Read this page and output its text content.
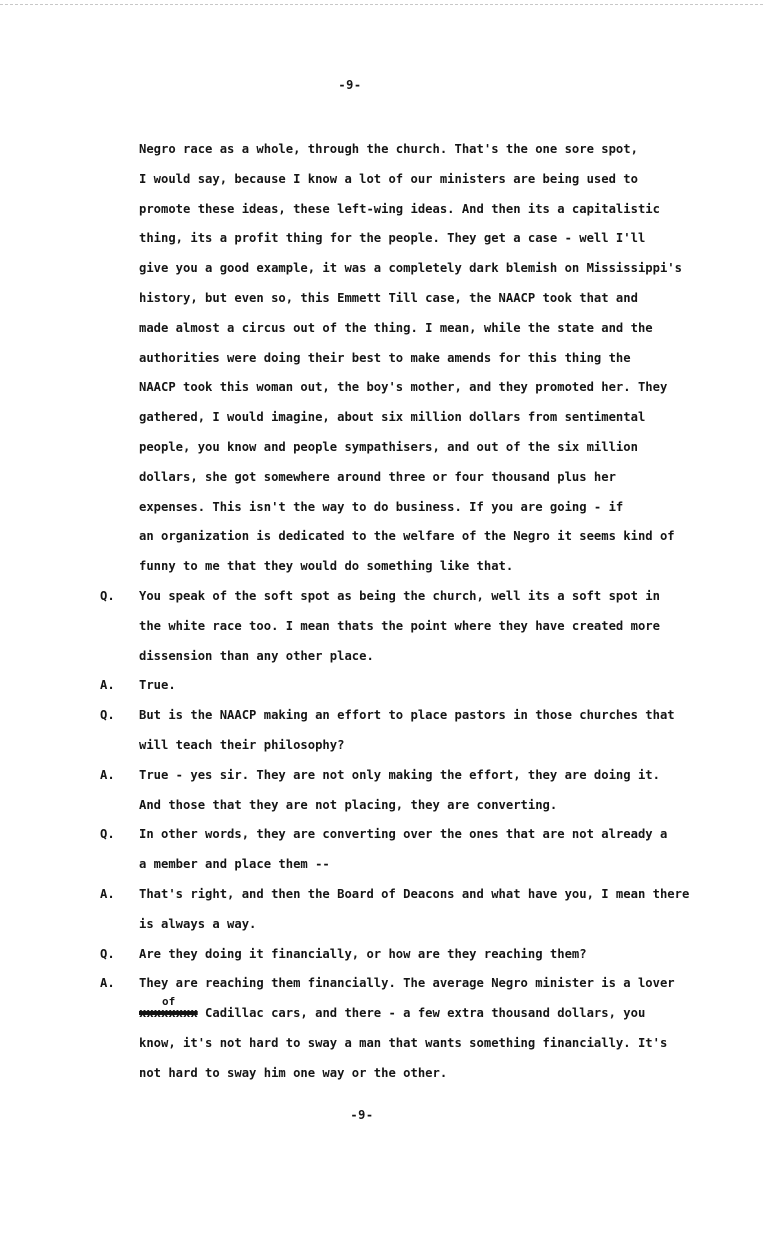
-9-
Negro race as a whole, through the church. That's the one sore spot,
I would say, because I know a lot of our ministers are being used to
promote these ideas, these left-wing ideas. And then its a capitalistic
thing, its a profit thing for the people. They get a case - well I'll
give you a good example, it was a completely dark blemish on Mississippi's
history, but even so, this Emmett Till case, the NAACP took that and
made almost a circus out of the thing. I mean, while the state and the
authorities were doing their best to make amends for this thing the
NAACP took this woman out, the boy's mother, and they promoted her. They
gathered, I would imagine, about six million dollars from sentimental
people, you know and people sympathisers, and out of the six million
dollars, she got somewhere around three or four thousand plus her
expenses. This isn't the way to do business. If you are going - if
an organization is dedicated to the welfare of the Negro it seems kind of
funny to me that they would do something like that.
Q.	You speak of the soft spot as being the church, well its a soft spot in
the white race too. I mean thats the point where they have created more
dissension than any other place.
A.	True.
Q.	But is the NAACP making an effort to place pastors in those churches that
will teach their philosophy?
A.	True - yes sir. They are not only making the effort, they are doing it.
And those that they are not placing, they are converting.
Q.	In other words, they are converting over the ones that are not already a
a member and place them --
A.	That's right, and then the Board of Deacons and what have you, I mean there
is always a way.
Q.	Are they doing it financially, or how are they reaching them?
A.	They are reaching them financially. The average Negro minister is a lover
of
xxxxxxxx Cadillac cars, and there - a few extra thousand dollars, you
know, it's not hard to sway a man that wants something financially. It's
not hard to sway him one way or the other.
-9-
